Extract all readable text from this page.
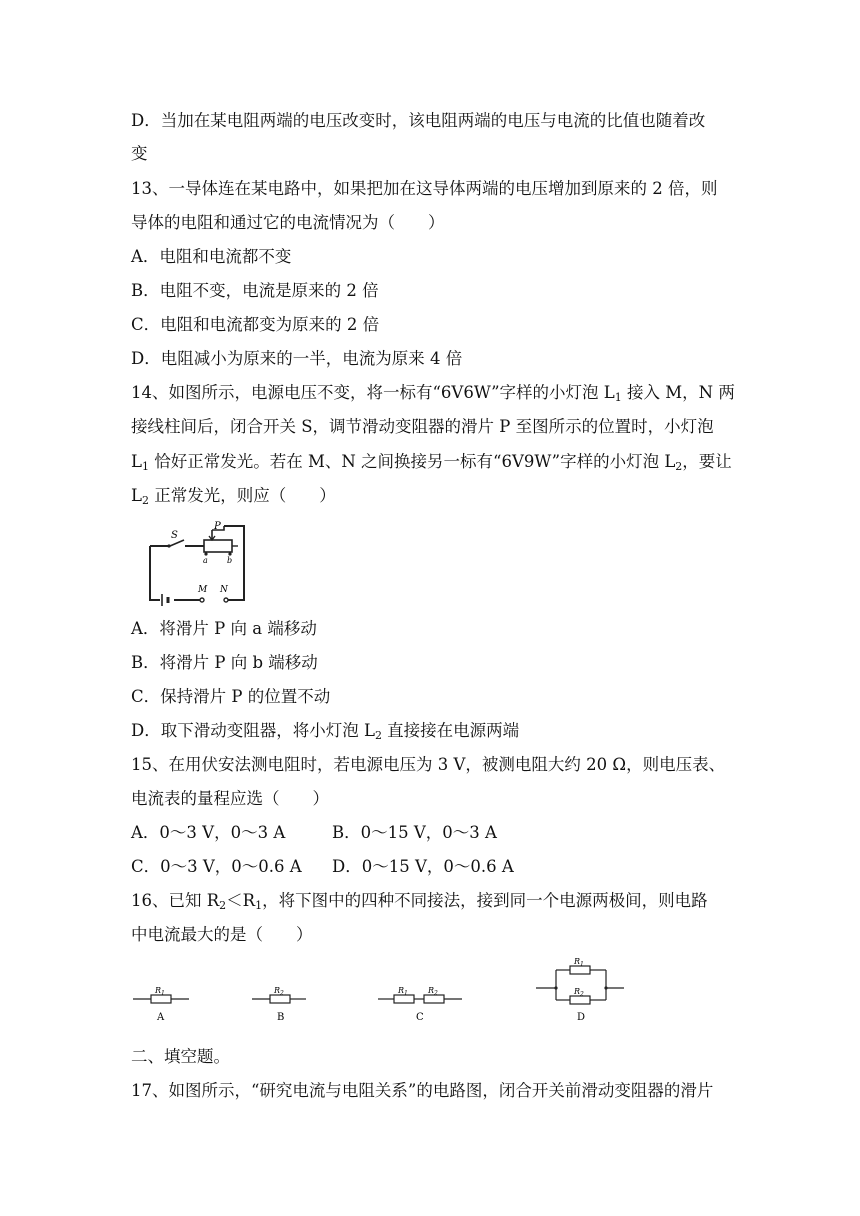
D．当加在某电阻两端的电压改变时，该电阻两端的电压与电流的比值也随着改
变
13、一导体连在某电路中，如果把加在这导体两端的电压增加到原来的 2 倍，则
导体的电阻和通过它的电流情况为（　　）
A．电阻和电流都不变
B．电阻不变，电流是原来的 2 倍
C．电阻和电流都变为原来的 2 倍
D．电阻减小为原来的一半，电流为原来 4 倍
14、如图所示，电源电压不变，将一标有“6V6W”字样的小灯泡 $L_1$ 接入 M，N 两
接线柱间后，闭合开关 S，调节滑动变阻器的滑片 P 至图所示的位置时，小灯泡
$L_1$ 恰好正常发光。若在 M、N 之间换接另一标有“6V9W”字样的小灯泡 $L_2$，要让
$L_2$ 正常发光，则应（　　）
S
P
a b
M N
A．将滑片 P 向 a 端移动
B．将滑片 P 向 b 端移动
C．保持滑片 P 的位置不动
D．取下滑动变阻器，将小灯泡 $L_2$ 直接接在电源两端
15、在用伏安法测电阻时，若电源电压为 3 V，被测电阻大约 20 Ω，则电压表、
电流表的量程应选（　　）
A．0～3 V，0～3 A	B．0～15 V，0～3 A
C．0～3 V，0～0.6 A D．0～15 V，0～0.6 A
16、已知 $R_2<R_1$，将下图中的四种不同接法，接到同一个电源两极间，则电路
中电流最大的是（　　）
$R_1$
A
$R_2$
B
$R_1$	$R_2$
C
$R_1$
$R_2$
D
二、填空题。
17、如图所示，“研究电流与电阻关系”的电路图，闭合开关前滑动变阻器的滑片
